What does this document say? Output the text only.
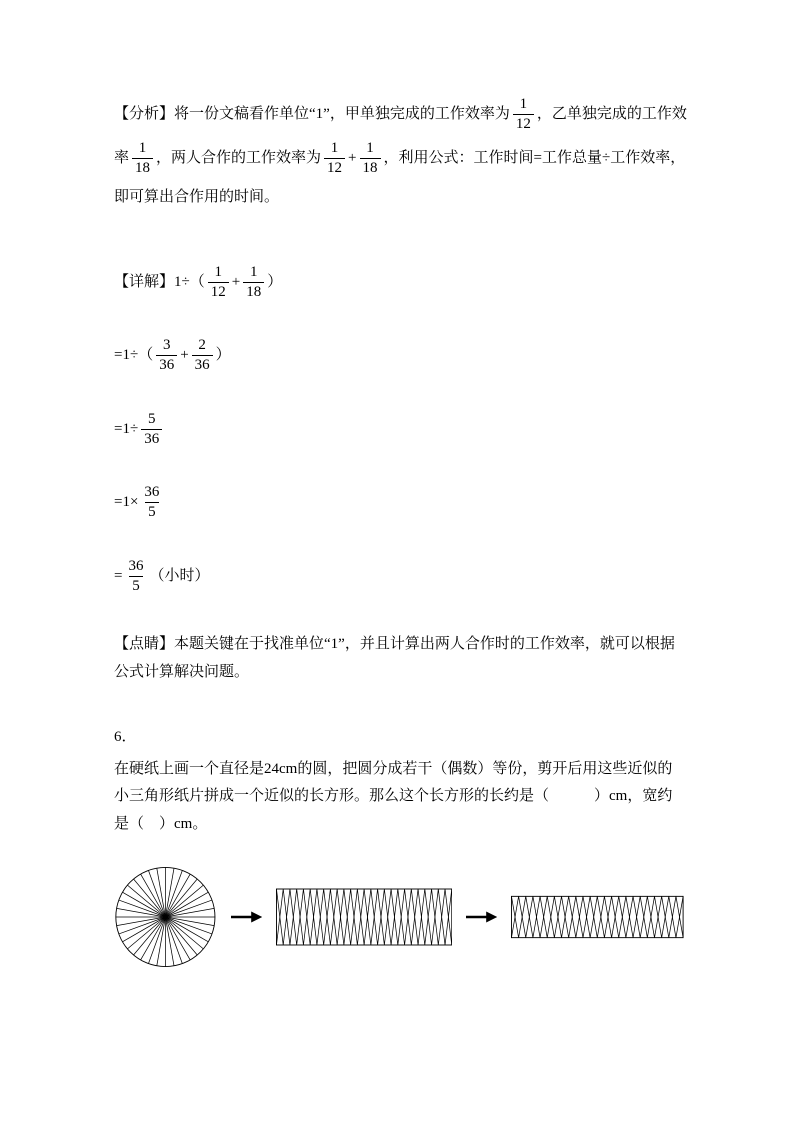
【分析】将一份文稿看作单位“1”，甲单独完成的工作效率为 $\frac{1}{12}$ ，乙单独完成的工作效
率 $\frac{1}{18}$ ，两人合作的工作效率为 $\frac{1}{12} + \frac{1}{18}$ ，利用公式：工作时间=工作总量÷工作效率，
即可算出合作用的时间。
【详解】$1\div( \frac{1}{12} + \frac{1}{18}$ ）
$=1\div( \frac{3}{36} + \frac{2}{36}$ ）
$=1\div \frac{5}{36}$
$=1\times \frac{36}{5}$
= $\frac{36}{5}$ （小时）

【点睛】本题关键在于找准单位“1”，并且计算出两人合作时的工作效率，就可以根据公式计算解决问题。

6．

在硬纸上画一个直径是24cm的圆，把圆分成若干（偶数）等份，剪开后用这些近似的小三角形纸片拼成一个近似的长方形。那么这个长方形的长约是（　　　）cm，宽约是（　）cm。
